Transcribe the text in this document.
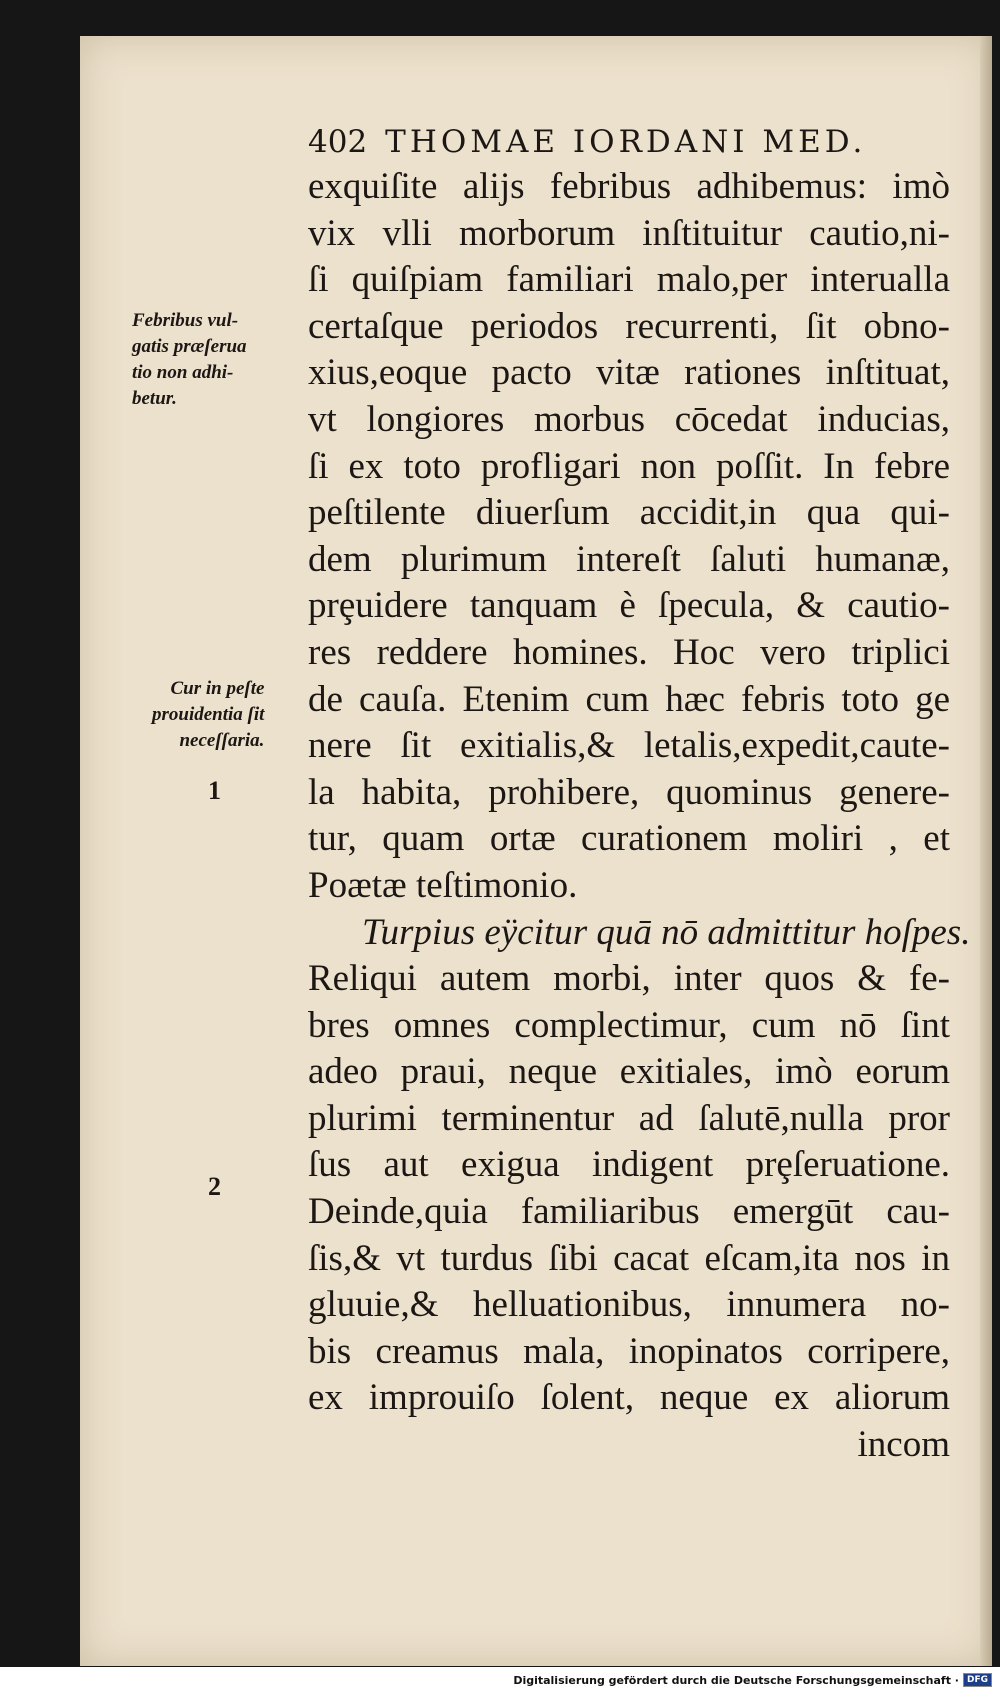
402 THOMAE IORDANI MED.
Febribus vul-
gatis præſerua
tio non adhi-
betur.
Cur in peſte
prouidentia ſit
neceſſaria.
1
2
exquiſite alijs febribus adhibemus: imò
vix vlli morborum inſtituitur cautio,ni-
ſi quiſpiam familiari malo,per interualla
certaſque periodos recurrenti, ſit obno-
xius,eoque pacto vitæ rationes inſtituat,
vt longiores morbus cōcedat inducias,
ſi ex toto profligari non poſſit. In febre
peſtilente diuerſum accidit,in qua qui-
dem plurimum intereſt ſaluti humanæ,
prȩuidere tanquam è ſpecula, & cautio-
res reddere homines. Hoc vero triplici
de cauſa. Etenim cum hæc febris toto ge
nere ſit exitialis,& letalis,expedit,caute-
la habita, prohibere, quominus genere-
tur, quam ortæ curationem moliri , et
Poætæ teſtimonio.
Turpius eÿcitur quā nō admittitur hoſpes.
Reliqui autem morbi, inter quos & fe-
bres omnes complectimur, cum nō ſint
adeo praui, neque exitiales, imò eorum
plurimi terminentur ad ſalutē,nulla pror
ſus aut exigua indigent prȩſeruatione.
Deinde,quia familiaribus emergūt cau-
ſis,& vt turdus ſibi cacat eſcam,ita nos in
gluuie,& helluationibus, innumera no-
bis creamus mala, inopinatos corripere,
ex improuiſo ſolent, neque ex aliorum
incom
Digitalisierung gefördert durch die Deutsche Forschungsgemeinschaft · DFG
